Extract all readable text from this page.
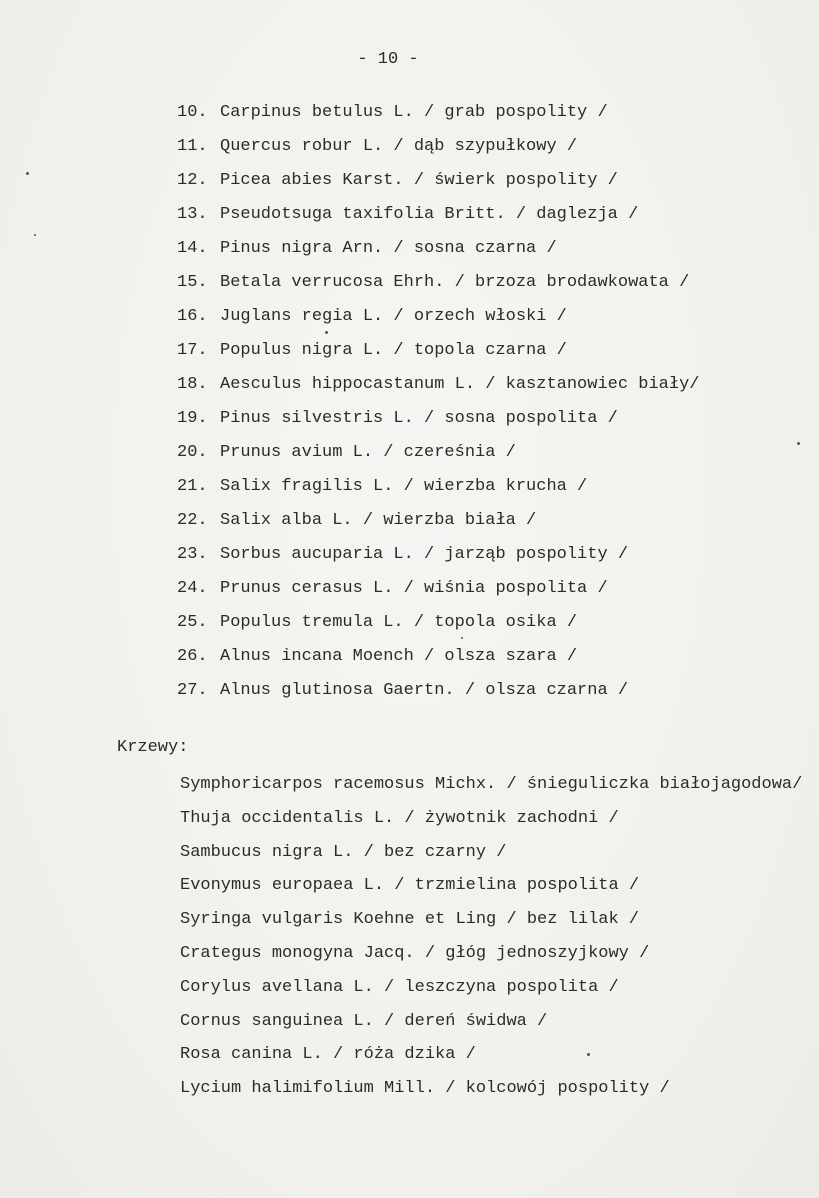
- 10 -
10. Carpinus betulus L. / grab pospolity /
11. Quercus robur L. / dąb szypułkowy /
12. Picea abies Karst. / świerk pospolity /
13. Pseudotsuga taxifolia Britt. / daglezja /
14. Pinus nigra Arn. / sosna czarna /
15. Betala verrucosa Ehrh. / brzoza brodawkowata /
16. Juglans regia L. / orzech włoski /
17. Populus nigra L. / topola czarna /
18. Aesculus hippocastanum L. / kasztanowiec biały/
19. Pinus silvestris L. / sosna pospolita /
20. Prunus avium L. / czereśnia /
21. Salix fragilis L. / wierzba krucha /
22. Salix alba L. / wierzba biała /
23. Sorbus aucuparia L. / jarząb pospolity /
24. Prunus cerasus L. / wiśnia pospolita /
25. Populus tremula L. / topola osika /
26. Alnus incana Moench / olsza szara /
27. Alnus glutinosa Gaertn. / olsza czarna /
Krzewy:
Symphoricarpos racemosus Michx. / śnieguliczka białojagodowa/
Thuja occidentalis L. / żywotnik zachodni /
Sambucus nigra L. / bez czarny /
Evonymus europaea L. / trzmielina pospolita /
Syringa vulgaris Koehne et Ling / bez lilak /
Crategus monogyna Jacq. / głóg jednoszyjkowy /
Corylus avellana L. / leszczyna pospolita /
Cornus sanguinea L. / dereń świdwa /
Rosa canina L. / róża dzika /
Lycium halimifolium Mill. / kolcowój pospolity /
